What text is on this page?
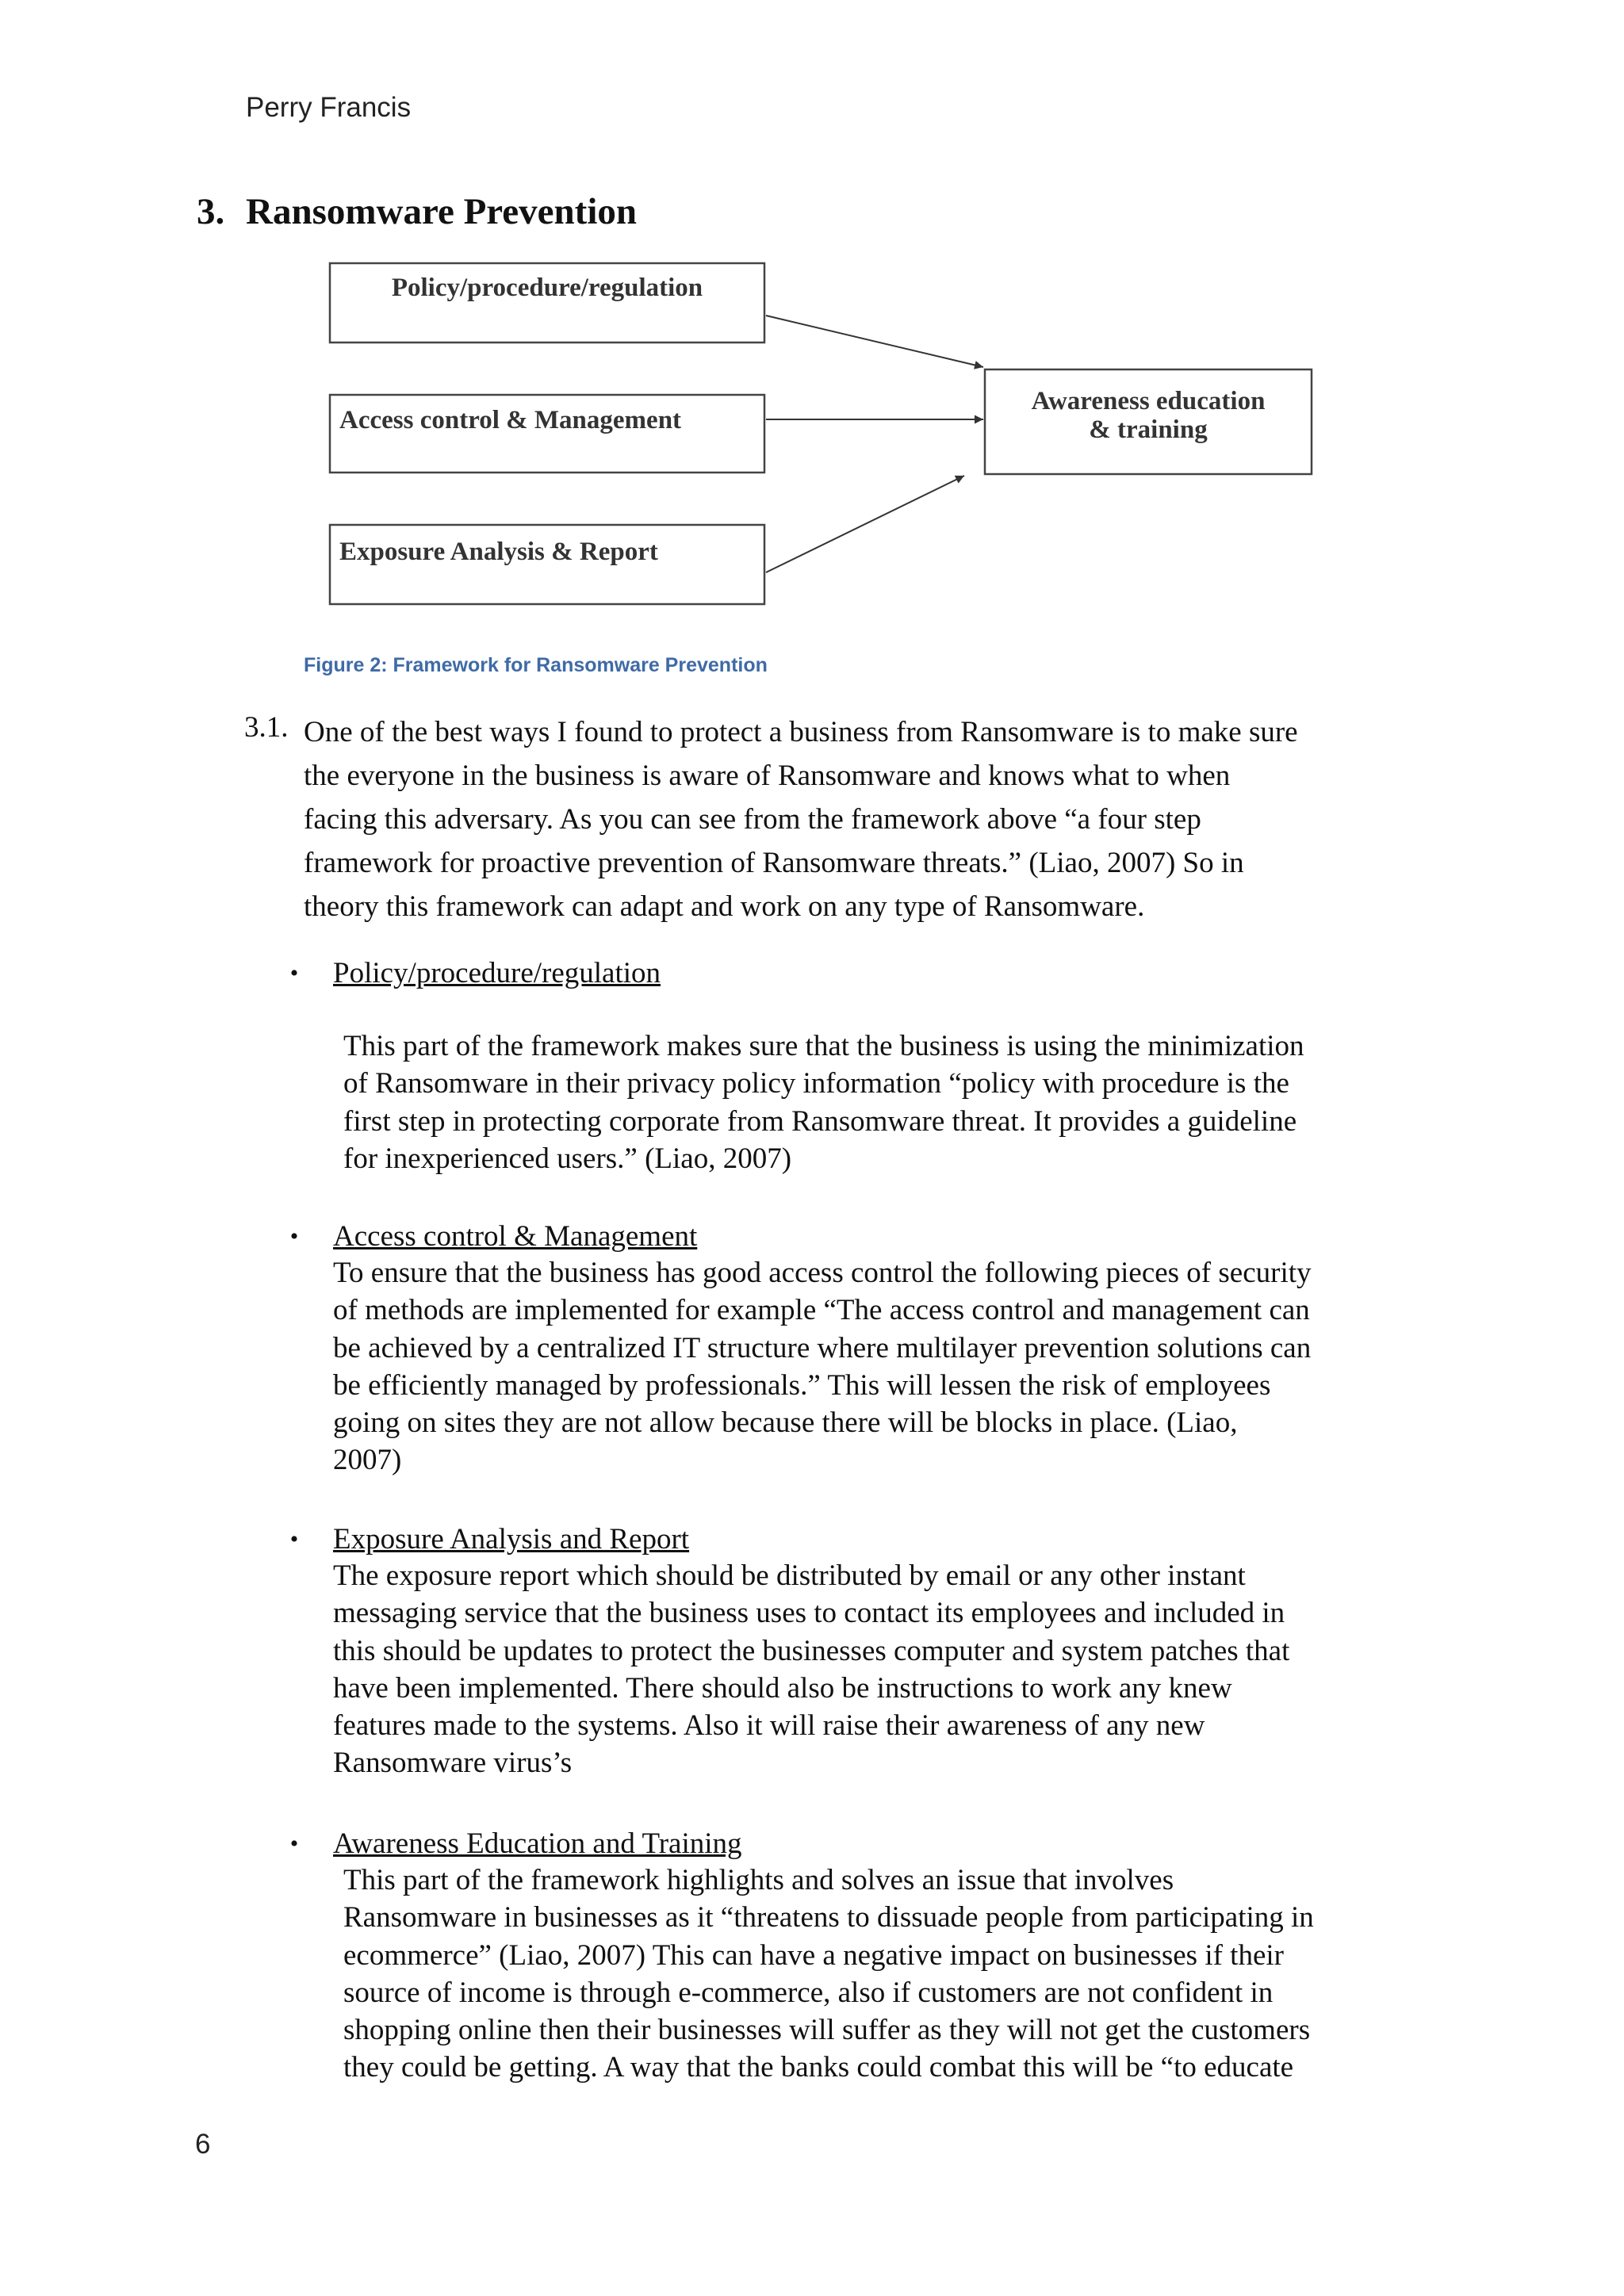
Perry Francis
3. Ransomware Prevention
Policy/procedure/regulation
Access control & Management
Exposure Analysis & Report
Awareness education
& training
Figure 2: Framework for Ransomware Prevention
3.1. One of the best ways I found to protect a business from Ransomware is to make sure
the everyone in the business is aware of Ransomware and knows what to when
facing this adversary. As you can see from the framework above “a four step
framework for proactive prevention of Ransomware threats.” (Liao, 2007) So in
theory this framework can adapt and work on any type of Ransomware.
• Policy/procedure/regulation
This part of the framework makes sure that the business is using the minimization
of Ransomware in their privacy policy information “policy with procedure is the
first step in protecting corporate from Ransomware threat. It provides a guideline
for inexperienced users.” (Liao, 2007)
• Access control & Management
To ensure that the business has good access control the following pieces of security
of methods are implemented for example “The access control and management can
be achieved by a centralized IT structure where multilayer prevention solutions can
be efficiently managed by professionals.” This will lessen the risk of employees
going on sites they are not allow because there will be blocks in place. (Liao,
2007)
• Exposure Analysis and Report
The exposure report which should be distributed by email or any other instant
messaging service that the business uses to contact its employees and included in
this should be updates to protect the businesses computer and system patches that
have been implemented. There should also be instructions to work any knew
features made to the systems. Also it will raise their awareness of any new
Ransomware virus’s
• Awareness Education and Training
This part of the framework highlights and solves an issue that involves
Ransomware in businesses as it “threatens to dissuade people from participating in
ecommerce” (Liao, 2007) This can have a negative impact on businesses if their
source of income is through e-commerce, also if customers are not confident in
shopping online then their businesses will suffer as they will not get the customers
they could be getting. A way that the banks could combat this will be “to educate
6
